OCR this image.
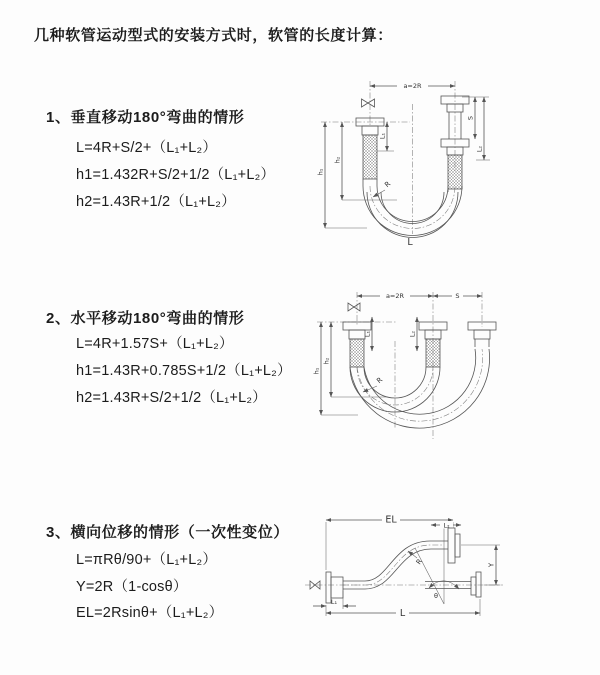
几种软管运动型式的安装方式时，软管的长度计算：
1、垂直移动180°弯曲的情形
L=4R+S/2+（L₁+L₂）
h1=1.432R+S/2+1/2（L₁+L₂）
h2=1.43R+1/2（L₁+L₂）
a=2R
h₁
h₂
L₁
S
L₂
R
L
2、水平移动180°弯曲的情形
L=4R+1.57S+（L₁+L₂）
h1=1.43R+0.785S+1/2（L₁+L₂）
h2=1.43R+S/2+1/2（L₁+L₂）
a=2R	S
h₁
h₂
L₁	L₂
R
3、横向位移的情形（一次性变位）
L=πRθ/90+（L₁+L₂）
Y=2R（1-cosθ）
EL=2Rsinθ+（L₁+L₂）
θ
EL	L₂
R	Y
L₁
L
